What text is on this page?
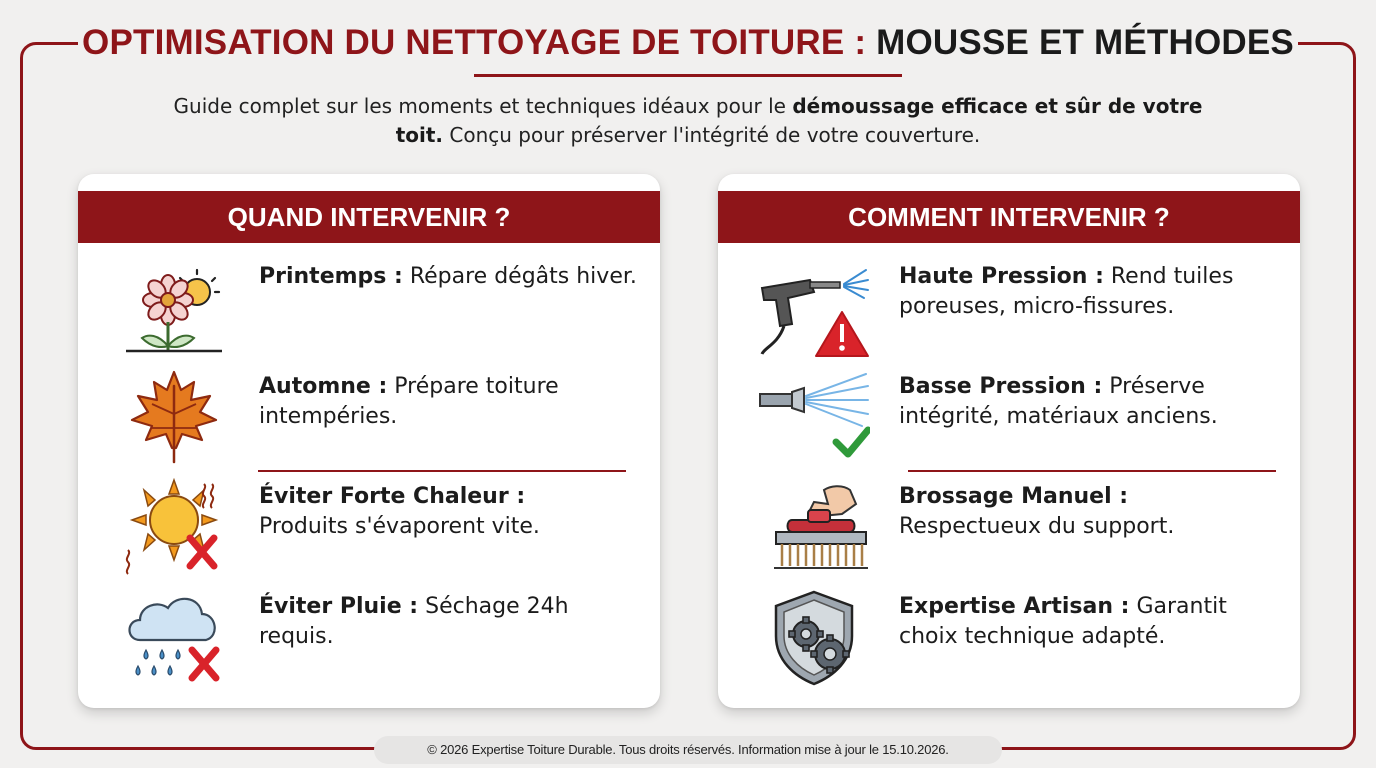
OPTIMISATION DU NETTOYAGE DE TOITURE : MOUSSE ET MÉTHODES

Guide complet sur les moments et techniques idéaux pour le démoussage efficace et sûr de votre toit. Conçu pour préserver l'intégrité de votre couverture.

QUAND INTERVENIR ?

Printemps : Répare dégâts hiver.

Automne : Prépare toiture intempéries.

Éviter Forte Chaleur :
Produits s'évaporent vite.

Éviter Pluie : Séchage 24h requis.

COMMENT INTERVENIR ?

Haute Pression : Rend tuiles poreuses, micro-fissures.

Basse Pression : Préserve intégrité, matériaux anciens.

Brossage Manuel :
Respectueux du support.

Expertise Artisan : Garantit choix technique adapté.

© 2026 Expertise Toiture Durable. Tous droits réservés. Information mise à jour le 15.10.2026.
